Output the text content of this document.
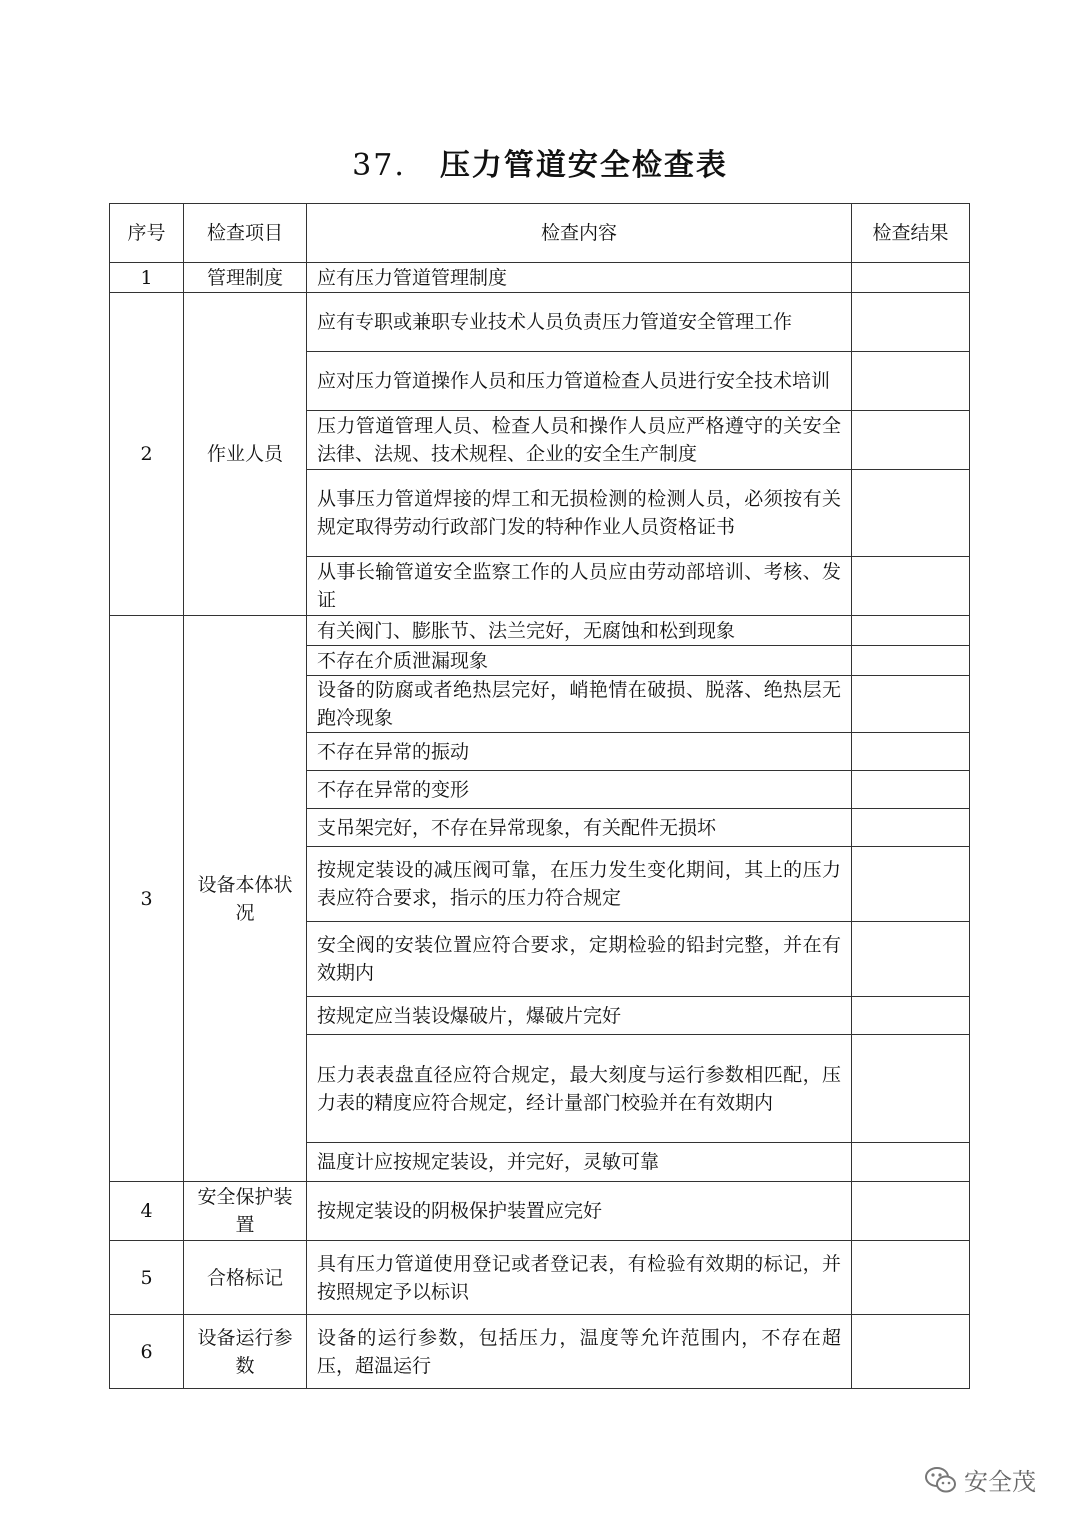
37. 压力管道安全检查表
序号	检查项目	检查内容	检查结果
1	管理制度	应有压力管道管理制度	
2	作业人员	应有专职或兼职专业技术人员负责压力管道安全管理工作	
		应对压力管道操作人员和压力管道检查人员进行安全技术培训	
		压力管道管理人员、检查人员和操作人员应严格遵守的关安全法律、法规、技术规程、企业的安全生产制度	
		从事压力管道焊接的焊工和无损检测的检测人员，必须按有关规定取得劳动行政部门发的特种作业人员资格证书	
		从事长输管道安全监察工作的人员应由劳动部培训、考核、发证	
3	设备本体状况	有关阀门、膨胀节、法兰完好，无腐蚀和松到现象	
		不存在介质泄漏现象	
		设备的防腐或者绝热层完好，峭艳情在破损、脱落、绝热层无跑冷现象	
		不存在异常的振动	
		不存在异常的变形	
		支吊架完好，不存在异常现象，有关配件无损坏	
		按规定装设的减压阀可靠，在压力发生变化期间，其上的压力表应符合要求，指示的压力符合规定	
		安全阀的安装位置应符合要求，定期检验的铅封完整，并在有效期内	
		按规定应当装设爆破片，爆破片完好	
		压力表表盘直径应符合规定，最大刻度与运行参数相匹配，压力表的精度应符合规定，经计量部门校验并在有效期内	
		温度计应按规定装设，并完好，灵敏可靠	
4	安全保护装置	按规定装设的阴极保护装置应完好	
5	合格标记	具有压力管道使用登记或者登记表，有检验有效期的标记，并按照规定予以标识	
6	设备运行参数	设备的运行参数，包括压力，温度等允许范围内，不存在超压，超温运行	
安全茂
